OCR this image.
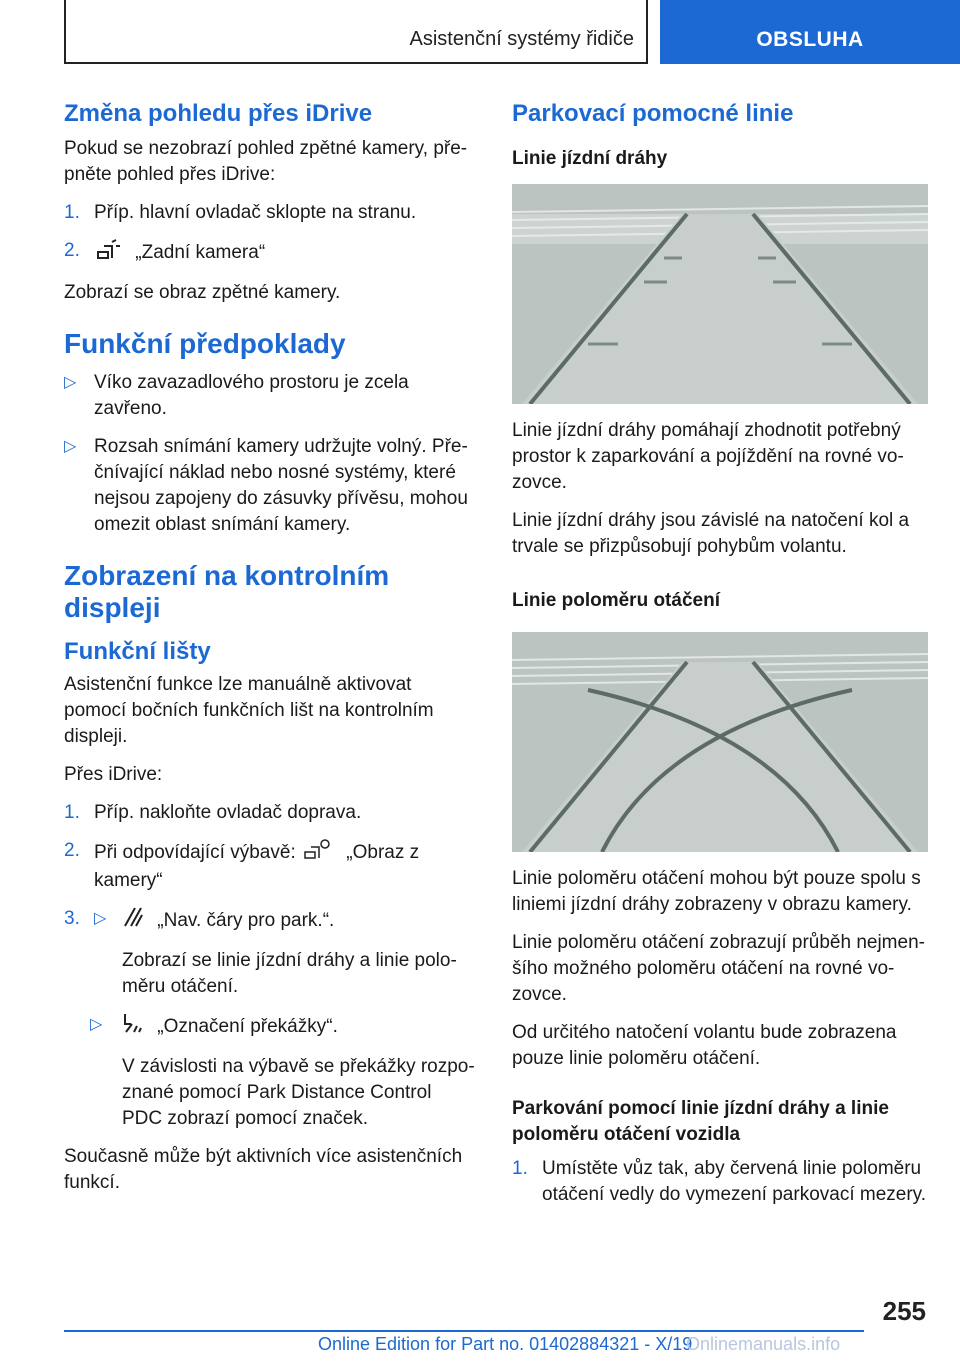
Asistenční systémy řidiče	OBSLUHA
Změna pohledu přes iDrive

Pokud se nezobrazí pohled zpětné kamery, pře-pněte pohled přes iDrive:

1. Příp. hlavní ovladač sklopte na stranu.
2.	„Zadní kamera“

Zobrazí se obraz zpětné kamery.

Funkční předpoklady
▷ Víko zavazadlového prostoru je zcela zavřeno.
▷ Rozsah snímání kamery udržujte volný. Pře-čnívající náklad nebo nosné systémy, které nejsou zapojeny do zásuvky přívěsu, mohou omezit oblast snímání kamery.
Zobrazení na kontrolním displeji
Funkční lišty

Asistenční funkce lze manuálně aktivovat pomocí bočních funkčních lišt na kontrolním displeji.

Přes iDrive:

1. Příp. nakloňte ovladač doprava.
2. Při odpovídající výbavě:	„Obraz z kamery“
3. ▷	„Nav. čáry pro park.“.

Zobrazí se linie jízdní dráhy a linie polo-měru otáčení.

▷	„Označení překážky“.

V závislosti na výbavě se překážky rozpo-znané pomocí Park Distance Control PDC zobrazí pomocí značek.

Současně může být aktivních více asistenčních funkcí.

Parkovací pomocné linie

Linie jízdní dráhy

Linie jízdní dráhy pomáhají zhodnotit potřebný prostor k zaparkování a pojíždění na rovné vo-zovce.

Linie jízdní dráhy jsou závislé na natočení kol a trvale se přizpůsobují pohybům volantu.

Linie poloměru otáčení

Linie poloměru otáčení mohou být pouze spolu s liniemi jízdní dráhy zobrazeny v obrazu kamery.

Linie poloměru otáčení zobrazují průběh nejmen-šího možného poloměru otáčení na rovné vo-zovce.

Od určitého natočení volantu bude zobrazena pouze linie poloměru otáčení.

Parkování pomocí linie jízdní dráhy a linie poloměru otáčení vozidla

1. Umístěte vůz tak, aby červená linie poloměru otáčení vedly do vymezení parkovací mezery.
255
Online Edition for Part no. 01402884321 - X/19
Onlinemanuals.info
